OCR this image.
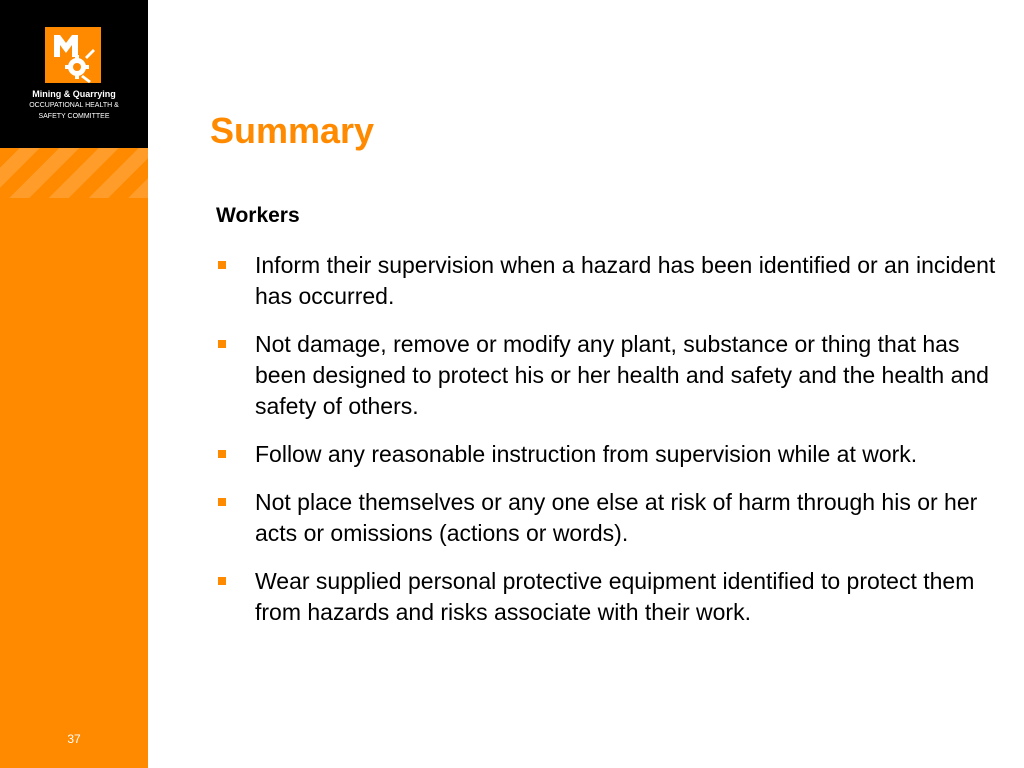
Mining & Quarrying
OCCUPATIONAL HEALTH &
SAFETY COMMITTEE
37
Summary
Workers
Inform their supervision when a hazard has been identified or an incident has occurred.
Not damage, remove or modify any plant, substance or thing that has been designed to protect his or her health and safety and the health and safety of others.
Follow any reasonable instruction from supervision while at work.
Not place themselves or any one else at risk of harm through his or her acts or omissions (actions or words).
Wear supplied personal protective equipment identified to protect them from hazards and risks associate with their work.
